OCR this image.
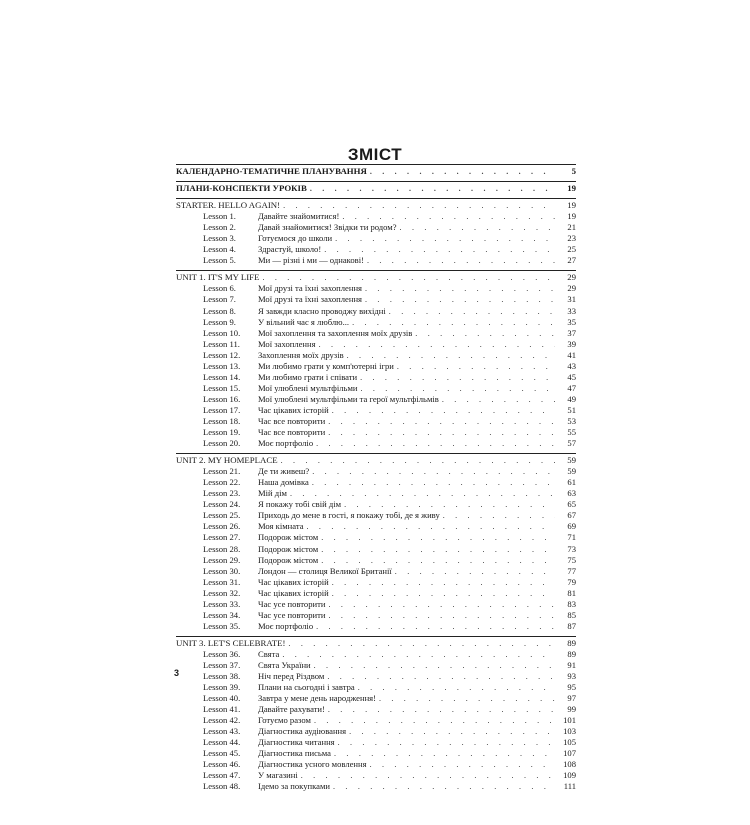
ЗМІСТ
КАЛЕНДАРНО-ТЕМАТИЧНЕ ПЛАНУВАННЯ . . .	5
ПЛАНИ-КОНСПЕКТИ УРОКІВ . . .	19
STARTER. HELLO AGAIN! . . .	19
Lesson 1.	Давайте знайомитися! . . .	19
Lesson 2.	Давай знайомитися! Звідки ти родом? . . .	21
Lesson 3.	Готуємося до школи . . .	23
Lesson 4.	Здрастуй, школо! . . .	25
Lesson 5.	Ми — різні і ми — однакові! . . .	27
UNIT 1. IT'S MY LIFE . . .	29
Lesson 6.	Мої друзі та їхні захоплення . . .	29
Lesson 7.	Мої друзі та їхні захоплення . . .	31
Lesson 8.	Я завжди класно проводжу вихідні . . .	33
Lesson 9.	У вільний час я люблю... . . .	35
Lesson 10.	Мої захоплення та захоплення моїх друзів . . .	37
Lesson 11.	Мої захоплення . . .	39
Lesson 12.	Захоплення моїх друзів . . .	41
Lesson 13.	Ми любимо грати у комп'ютерні ігри . . .	43
Lesson 14.	Ми любимо грати і співати . . .	45
Lesson 15.	Мої улюблені мультфільми . . .	47
Lesson 16.	Мої улюблені мультфільми та герої мультфільмів . . .	49
Lesson 17.	Час цікавих історій . . .	51
Lesson 18.	Час все повторити . . .	53
Lesson 19.	Час все повторити . . .	55
Lesson 20.	Моє портфоліо . . .	57
UNIT 2. MY HOMEPLACE . . .	59
Lesson 21.	Де ти живеш? . . .	59
Lesson 22.	Наша домівка . . .	61
Lesson 23.	Мій дім . . .	63
Lesson 24.	Я покажу тобі свій дім . . .	65
Lesson 25.	Приходь до мене в гості, я покажу тобі, де я живу . . .	67
Lesson 26.	Моя кімната . . .	69
Lesson 27.	Подорож містом . . .	71
Lesson 28.	Подорож містом . . .	73
Lesson 29.	Подорож містом . . .	75
Lesson 30.	Лондон — столиця Великої Британії . . .	77
Lesson 31.	Час цікавих історій . . .	79
Lesson 32.	Час цікавих історій . . .	81
Lesson 33.	Час усе повторити . . .	83
Lesson 34.	Час усе повторити . . .	85
Lesson 35.	Моє портфоліо . . .	87
UNIT 3. LET'S CELEBRATE! . . .	89
Lesson 36.	Свята . . .	89
Lesson 37.	Свята України . . .	91
Lesson 38.	Ніч перед Різдвом . . .	93
Lesson 39.	Плани на сьогодні і завтра . . .	95
Lesson 40.	Завтра у мене день народження! . . .	97
Lesson 41.	Давайте рахувати! . . .	99
Lesson 42.	Готуємо разом . . .	101
Lesson 43.	Діагностика аудіювання . . .	103
Lesson 44.	Діагностика читання . . .	105
Lesson 45.	Діагностика письма . . .	107
Lesson 46.	Діагностика усного мовлення . . .	108
Lesson 47.	У магазині . . .	109
Lesson 48.	Ідемо за покупками . . .	111
3
